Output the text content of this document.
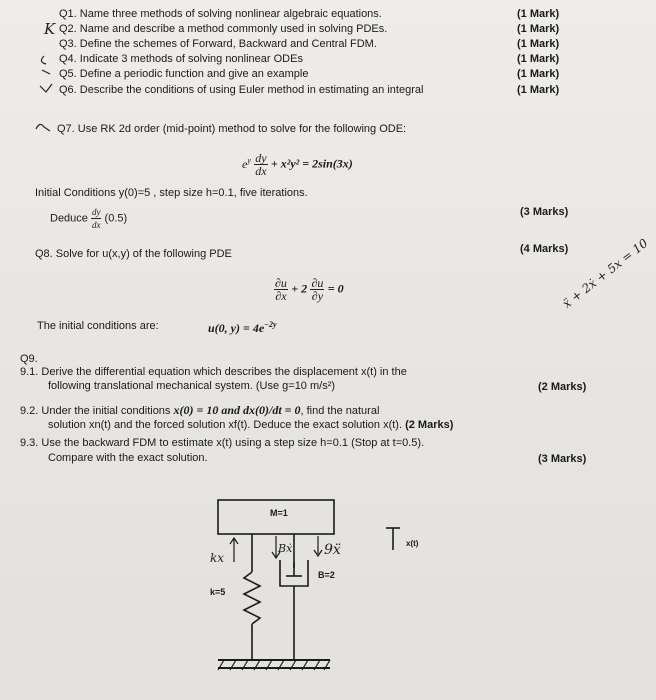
Q1. Name three methods of solving nonlinear algebraic equations.	(1 Mark)
K Q2. Name and describe a method commonly used in solving PDEs.	(1 Mark)
Q3. Define the schemes of Forward, Backward and Central FDM.	(1 Mark)
Q4. Indicate 3 methods of solving nonlinear ODEs	(1 Mark)
Q5. Define a periodic function and give an example	(1 Mark)
Q6. Describe the conditions of using Euler method in estimating an integral	(1 Mark)
Q7. Use RK 2d order (mid-point) method to solve for the following ODE:
$e^y \frac{dy}{dx} + x^2y^2 = 2\sin(3x)$
Initial Conditions y(0)=5 , step size h=0.1, five iterations.
Deduce $\frac{dy}{dx} (0.5)$
(3 Marks)
Q8. Solve for u(x,y) of the following PDE	(4 Marks)
$\frac{\partial u}{\partial x} + 2 \frac{\partial u}{\partial y} = 0$
The initial conditions are:	u(0, $y) = 4e^{-2y}$
ẍ + 2ẋ + 5x = 10
Q9.
9.1. Derive the differential equation which describes the displacement x(t) in the
following translational mechanical system. (Use g=10 m/s²)	(2 Marks)
9.2. Under the initial conditions x(0) = 10 and dx(0)/dt = 0, find the natural
solution xn(t) and the forced solution xf(t). Deduce the exact solution x(t). (2 Marks)
9.3. Use the backward FDM to estimate x(t) using a step size h=0.1 (Stop at t=0.5).
Compare with the exact solution.	(3 Marks)
M=1
B=2
k=5
x(t)
kx
Bẋ 9ẍ
